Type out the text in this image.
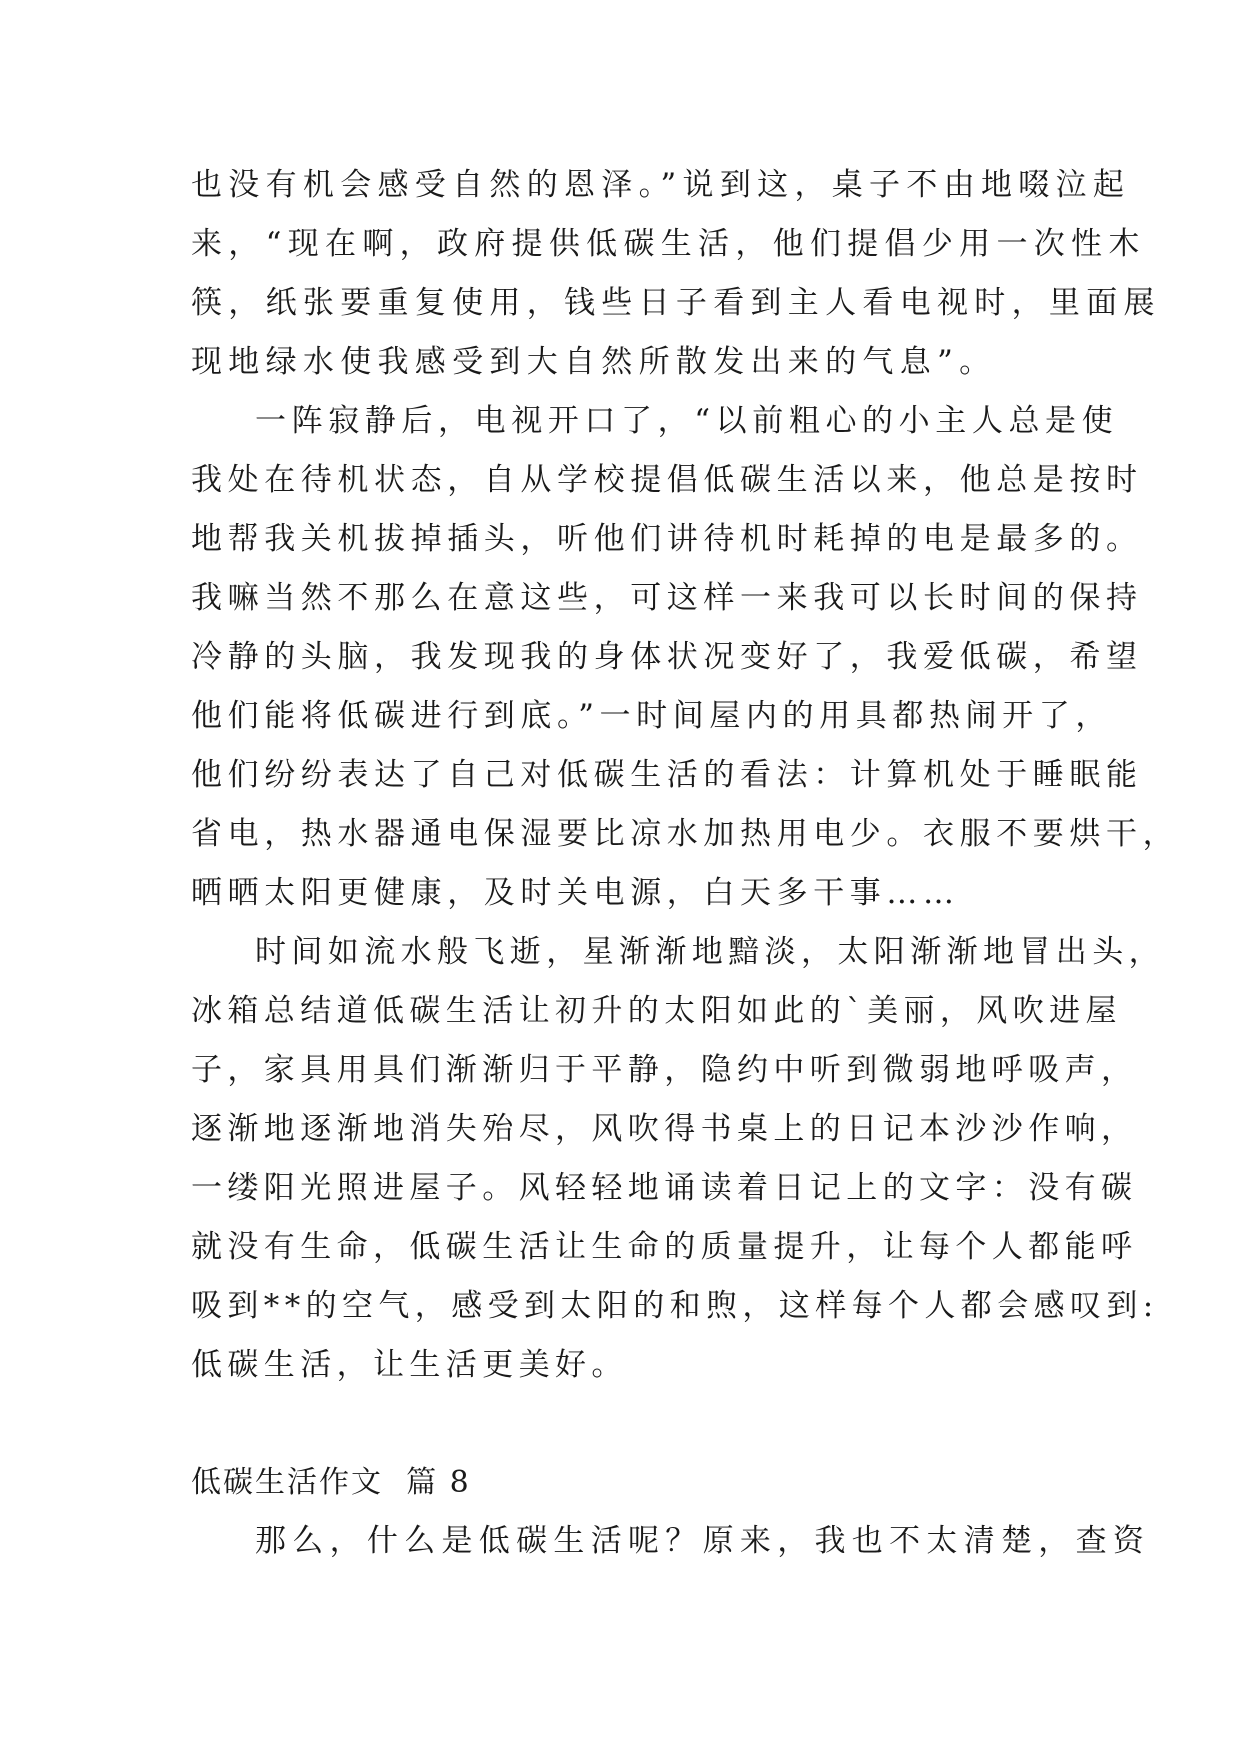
也没有机会感受自然的恩泽。”说到这，桌子不由地啜泣起
来，“现在啊，政府提供低碳生活，他们提倡少用一次性木
筷，纸张要重复使用，钱些日子看到主人看电视时，里面展
现地绿水使我感受到大自然所散发出来的气息”。
一阵寂静后，电视开口了，“以前粗心的小主人总是使
我处在待机状态，自从学校提倡低碳生活以来，他总是按时
地帮我关机拔掉插头，听他们讲待机时耗掉的电是最多的。
我嘛当然不那么在意这些，可这样一来我可以长时间的保持
冷静的头脑，我发现我的身体状况变好了，我爱低碳，希望
他们能将低碳进行到底。”一时间屋内的用具都热闹开了，
他们纷纷表达了自己对低碳生活的看法：计算机处于睡眠能
省电，热水器通电保湿要比凉水加热用电少。衣服不要烘干，
晒晒太阳更健康，及时关电源，白天多干事……
时间如流水般飞逝，星渐渐地黯淡，太阳渐渐地冒出头，
冰箱总结道低碳生活让初升的太阳如此的`美丽，风吹进屋
子，家具用具们渐渐归于平静，隐约中听到微弱地呼吸声，
逐渐地逐渐地消失殆尽，风吹得书桌上的日记本沙沙作响，
一缕阳光照进屋子。风轻轻地诵读着日记上的文字：没有碳
就没有生命，低碳生活让生命的质量提升，让每个人都能呼
吸到**的空气，感受到太阳的和煦，这样每个人都会感叹到:
低碳生活，让生活更美好。
低碳生活作文  篇 8
那么，什么是低碳生活呢？原来，我也不太清楚，查资
